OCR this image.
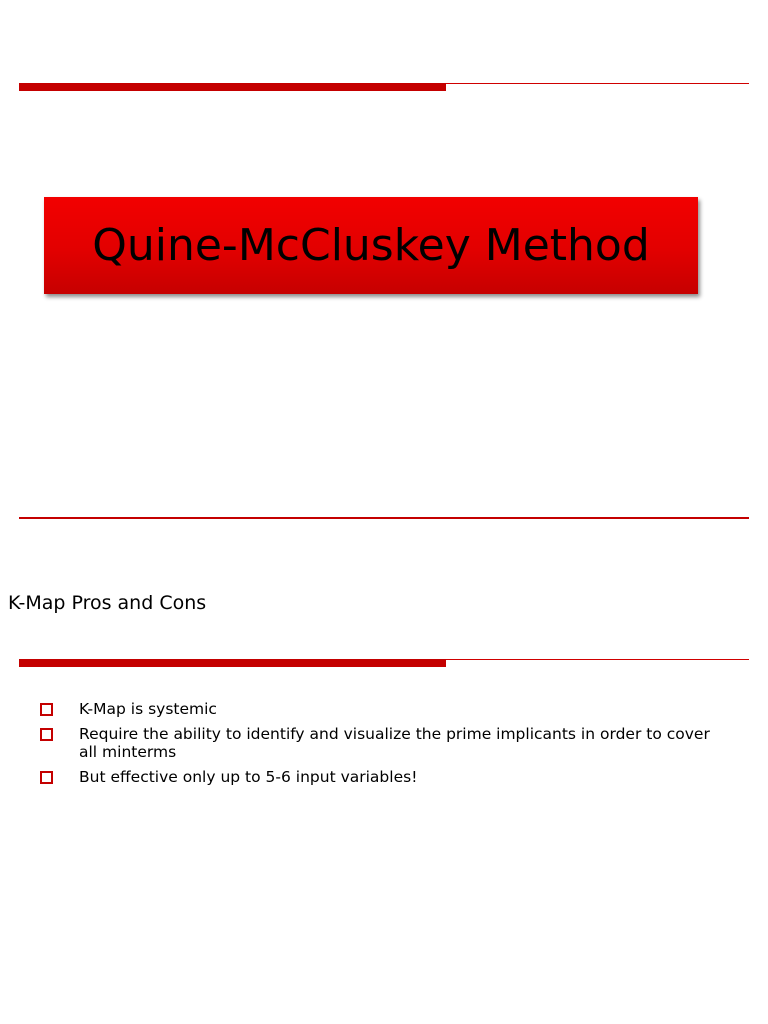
Quine-McCluskey Method
K-Map Pros and Cons
K-Map is systemic
Require the ability to identify and visualize the prime implicants in order to cover all minterms
But effective only up to 5-6 input variables!
